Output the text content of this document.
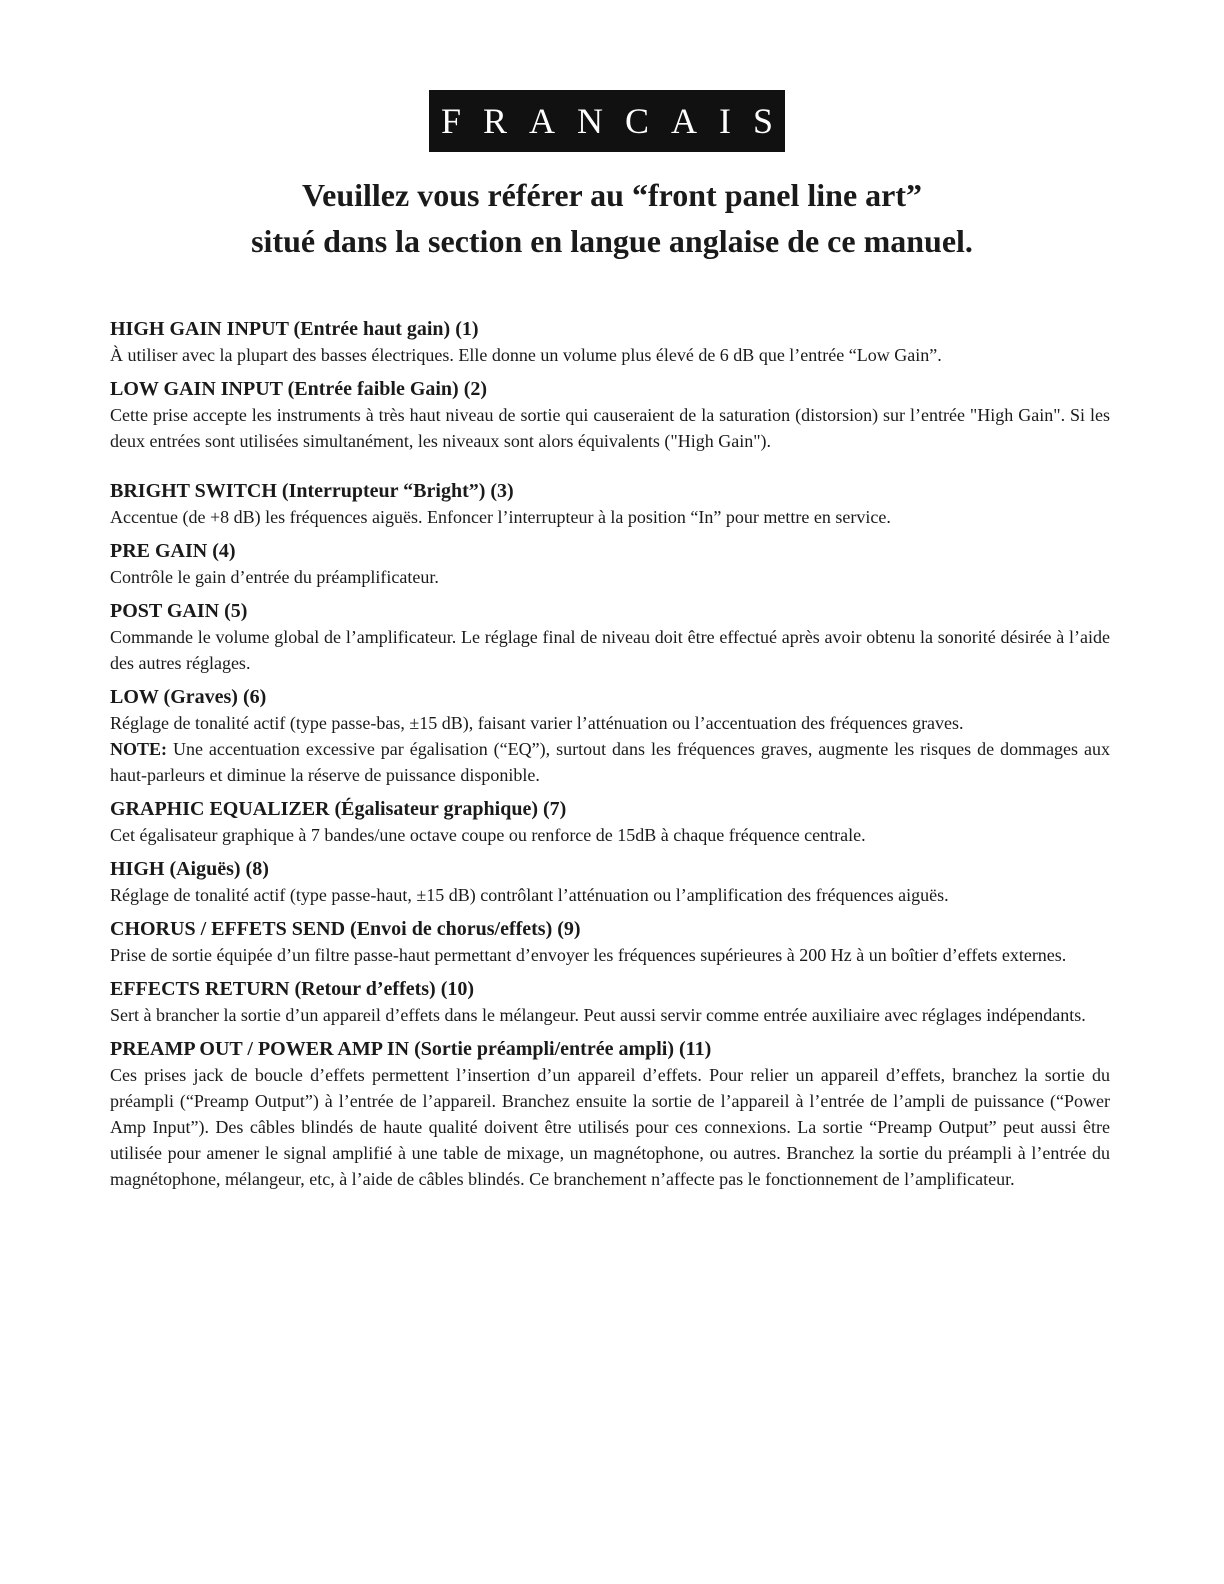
FRANCAIS
Veuillez vous référer au “front panel line art”
situé dans la section en langue anglaise de ce manuel.
HIGH GAIN INPUT (Entrée haut gain) (1)
À utiliser avec la plupart des basses électriques. Elle donne un volume plus élevé de 6 dB que l’entrée “Low Gain”.
LOW GAIN INPUT (Entrée faible Gain) (2)
Cette prise accepte les instruments à très haut niveau de sortie qui causeraient de la saturation (distorsion) sur l’entrée "High Gain". Si les deux entrées sont utilisées simultanément, les niveaux sont alors équivalents ("High Gain").
BRIGHT SWITCH (Interrupteur “Bright”) (3)
Accentue (de +8 dB) les fréquences aiguës. Enfoncer l’interrupteur à la position “In” pour mettre en service.
PRE GAIN (4)
Contrôle le gain d’entrée du préamplificateur.
POST GAIN (5)
Commande le volume global de l’amplificateur. Le réglage final de niveau doit être effectué après avoir obtenu la sonorité désirée à l’aide des autres réglages.
LOW (Graves) (6)
Réglage de tonalité actif (type passe-bas, ±15 dB), faisant varier l’atténuation ou l’accentuation des fréquences graves.
NOTE: Une accentuation excessive par égalisation (“EQ”), surtout dans les fréquences graves, augmente les risques de dommages aux haut-parleurs et diminue la réserve de puissance disponible.
GRAPHIC EQUALIZER (Égalisateur graphique) (7)
Cet égalisateur graphique à 7 bandes/une octave coupe ou renforce de 15dB à chaque fréquence centrale.
HIGH (Aiguës) (8)
Réglage de tonalité actif (type passe-haut, ±15 dB) contrôlant l’atténuation ou l’amplification des fréquences aiguës.
CHORUS / EFFETS SEND (Envoi de chorus/effets) (9)
Prise de sortie équipée d’un filtre passe-haut permettant d’envoyer les fréquences supérieures à 200 Hz à un boîtier d’effets externes.
EFFECTS RETURN (Retour d’effets) (10)
Sert à brancher la sortie d’un appareil d’effets dans le mélangeur. Peut aussi servir comme entrée auxiliaire avec réglages indépendants.
PREAMP OUT / POWER AMP IN (Sortie préampli/entrée ampli) (11)
Ces prises jack de boucle d’effets permettent l’insertion d’un appareil d’effets. Pour relier un appareil d’effets, branchez la sortie du préampli (“Preamp Output”) à l’entrée de l’appareil. Branchez ensuite la sortie de l’appareil à l’entrée de l’ampli de puissance (“Power Amp Input”). Des câbles blindés de haute qualité doivent être utilisés pour ces connexions. La sortie “Preamp Output” peut aussi être utilisée pour amener le signal amplifié à une table de mixage, un magnétophone, ou autres. Branchez la sortie du préampli à l’entrée du magnétophone, mélangeur, etc, à l’aide de câbles blindés. Ce branchement n’affecte pas le fonctionnement de l’amplificateur.
